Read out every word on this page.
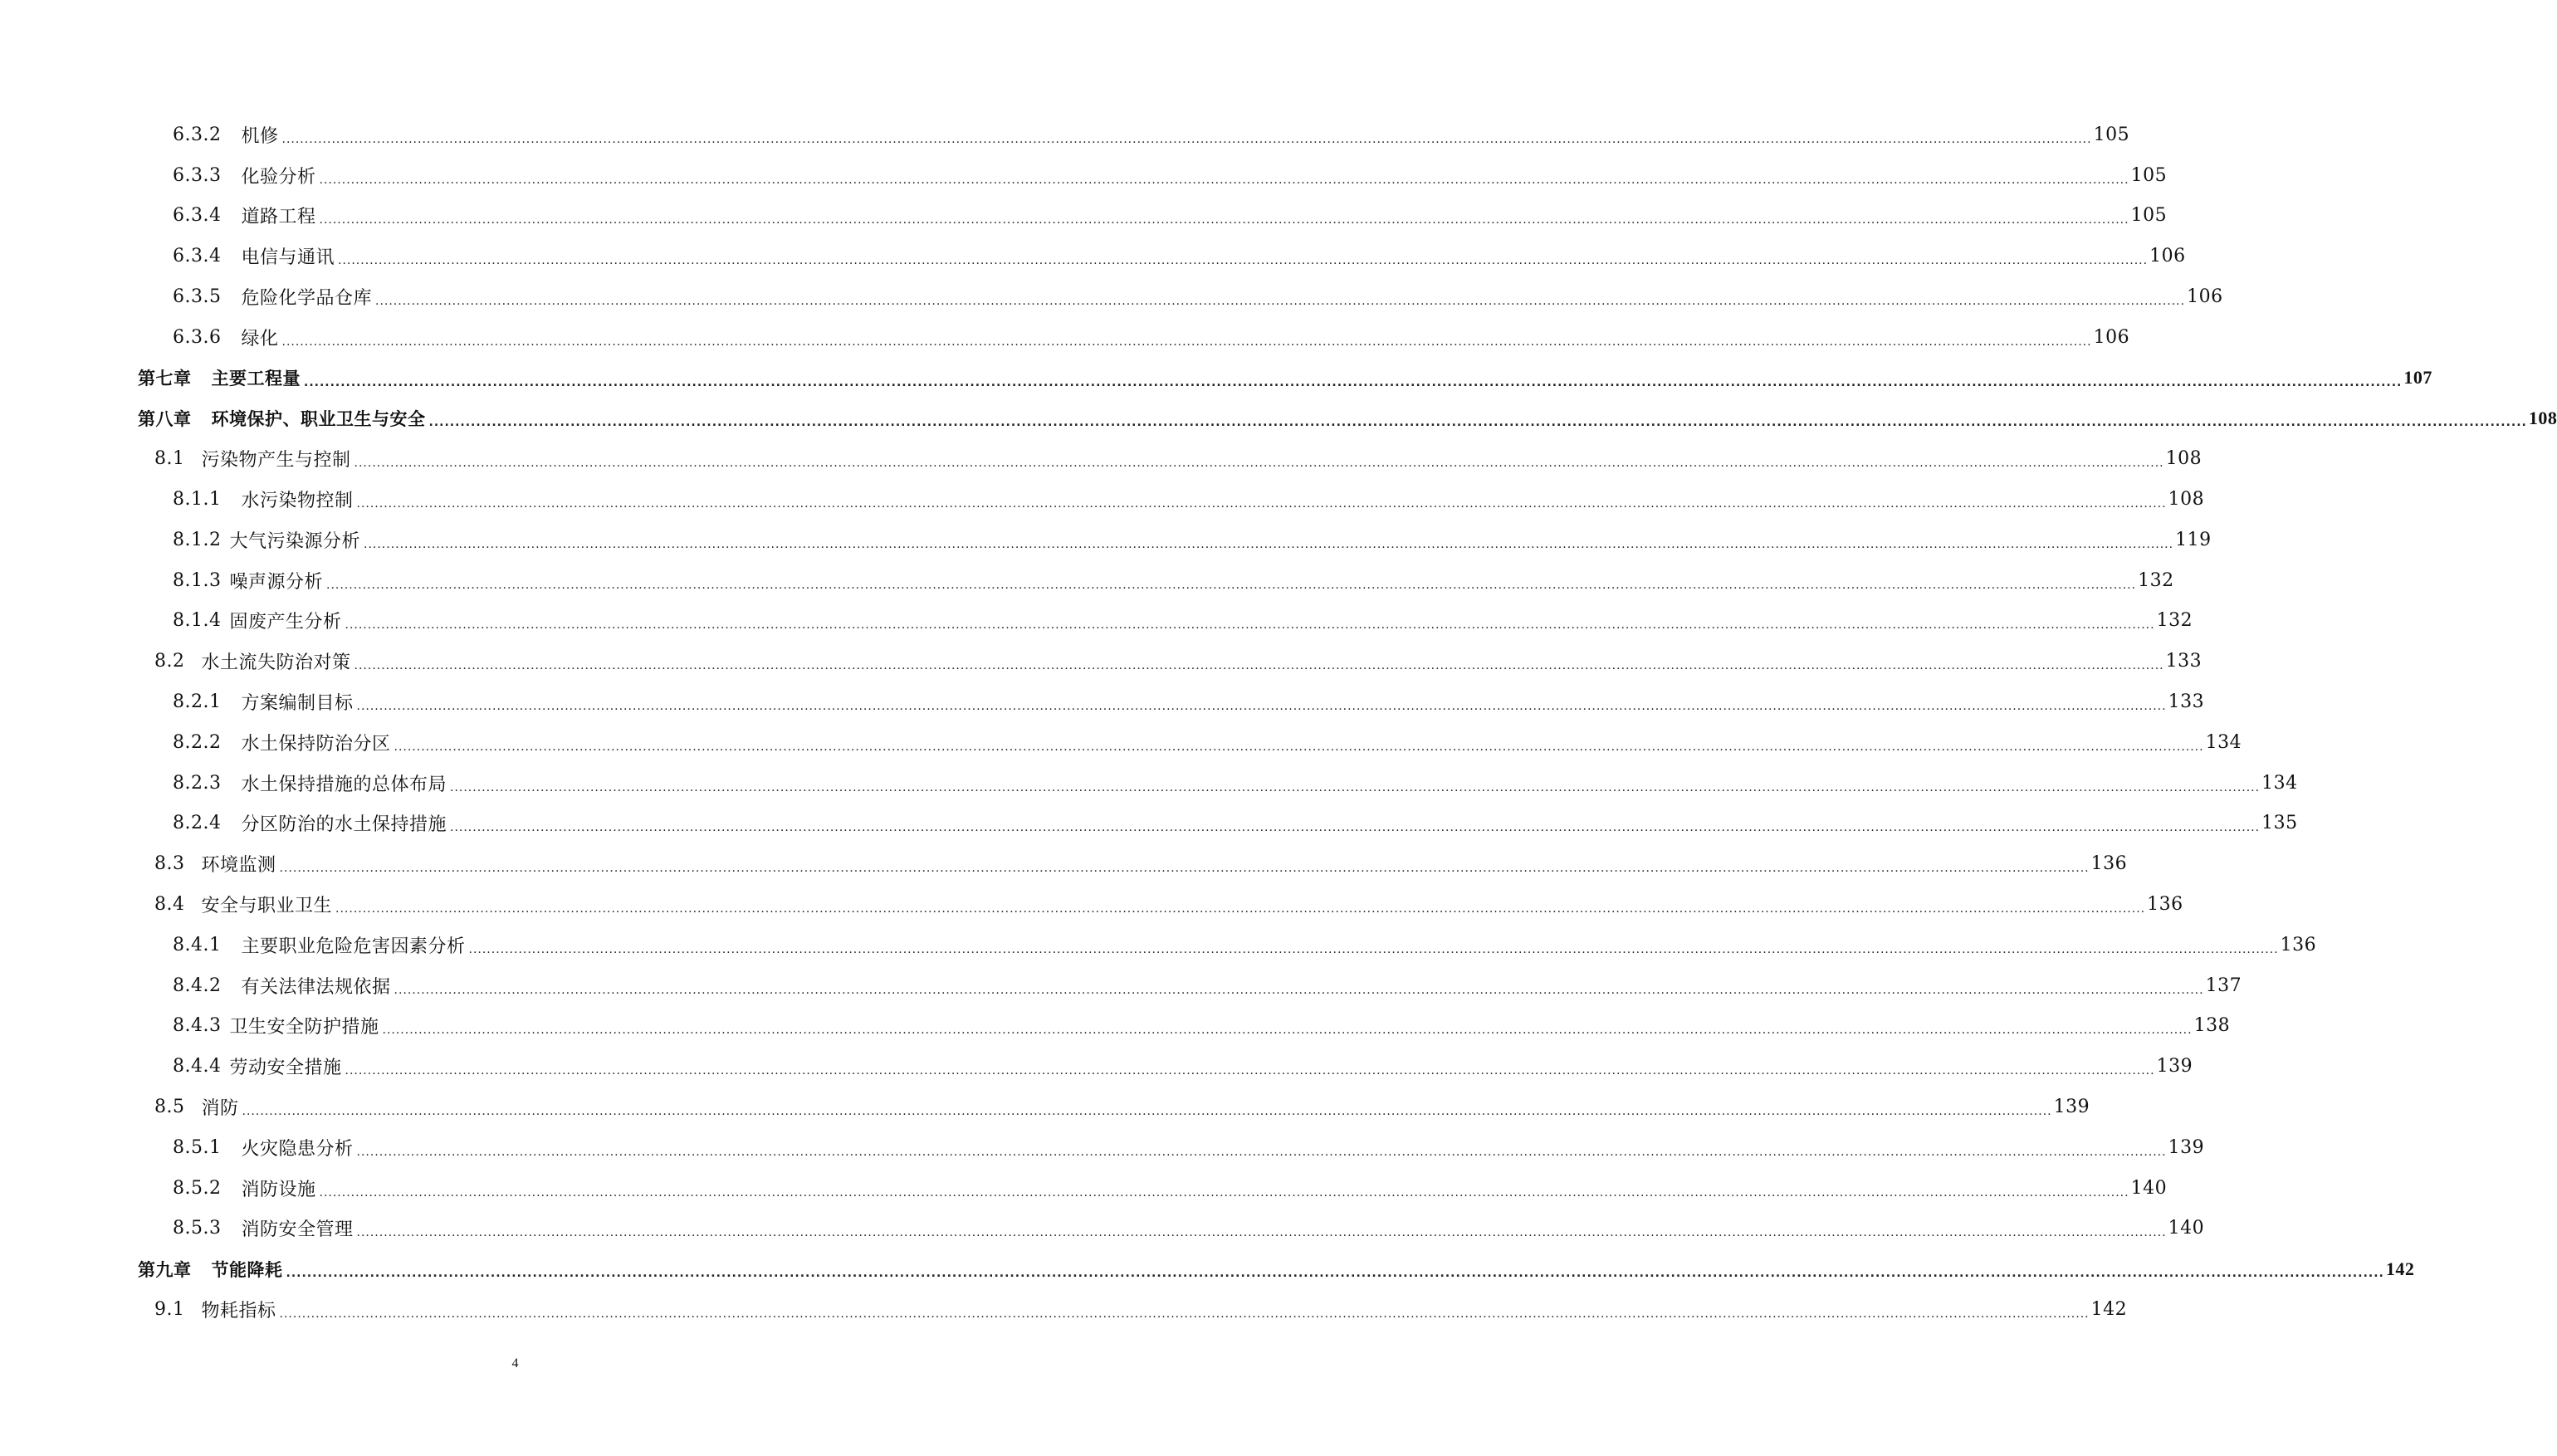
6.3.2 机修 ................................................................................................................................................................................................................................................................................................................................................................................................................ 105
6.3.3 化验分析 ................................................................................................................................................................................................................................................................................................................................................................................................................ 105
6.3.4 道路工程 ................................................................................................................................................................................................................................................................................................................................................................................................................ 105
6.3.4 电信与通讯 ................................................................................................................................................................................................................................................................................................................................................................................................................ 106
6.3.5 危险化学品仓库 ................................................................................................................................................................................................................................................................................................................................................................................................................ 106
6.3.6 绿化 ................................................................................................................................................................................................................................................................................................................................................................................................................ 106
第七章 主要工程量 ................................................................................................................................................................................................................................................................................................................................................................................................................ 107
第八章 环境保护、职业卫生与安全 ................................................................................................................................................................................................................................................................................................................................................................................................................ 108
8.1 污染物产生与控制 ................................................................................................................................................................................................................................................................................................................................................................................................................ 108
8.1.1 水污染物控制 ................................................................................................................................................................................................................................................................................................................................................................................................................ 108
8.1.2 大气污染源分析 ................................................................................................................................................................................................................................................................................................................................................................................................................ 119
8.1.3 噪声源分析 ................................................................................................................................................................................................................................................................................................................................................................................................................ 132
8.1.4 固废产生分析 ................................................................................................................................................................................................................................................................................................................................................................................................................ 132
8.2 水土流失防治对策 ................................................................................................................................................................................................................................................................................................................................................................................................................ 133
8.2.1 方案编制目标 ................................................................................................................................................................................................................................................................................................................................................................................................................ 133
8.2.2 水土保持防治分区 ................................................................................................................................................................................................................................................................................................................................................................................................................ 134
8.2.3 水土保持措施的总体布局 ................................................................................................................................................................................................................................................................................................................................................................................................................ 134
8.2.4 分区防治的水土保持措施 ................................................................................................................................................................................................................................................................................................................................................................................................................ 135
8.3 环境监测 ................................................................................................................................................................................................................................................................................................................................................................................................................ 136
8.4 安全与职业卫生 ................................................................................................................................................................................................................................................................................................................................................................................................................ 136
8.4.1 主要职业危险危害因素分析 ................................................................................................................................................................................................................................................................................................................................................................................................................ 136
8.4.2 有关法律法规依据 ................................................................................................................................................................................................................................................................................................................................................................................................................ 137
8.4.3 卫生安全防护措施 ................................................................................................................................................................................................................................................................................................................................................................................................................ 138
8.4.4 劳动安全措施 ................................................................................................................................................................................................................................................................................................................................................................................................................ 139
8.5 消防 ................................................................................................................................................................................................................................................................................................................................................................................................................ 139
8.5.1 火灾隐患分析 ................................................................................................................................................................................................................................................................................................................................................................................................................ 139
8.5.2 消防设施 ................................................................................................................................................................................................................................................................................................................................................................................................................ 140
8.5.3 消防安全管理 ................................................................................................................................................................................................................................................................................................................................................................................................................ 140
第九章 节能降耗 ................................................................................................................................................................................................................................................................................................................................................................................................................ 142
9.1 物耗指标 ................................................................................................................................................................................................................................................................................................................................................................................................................ 142
4
